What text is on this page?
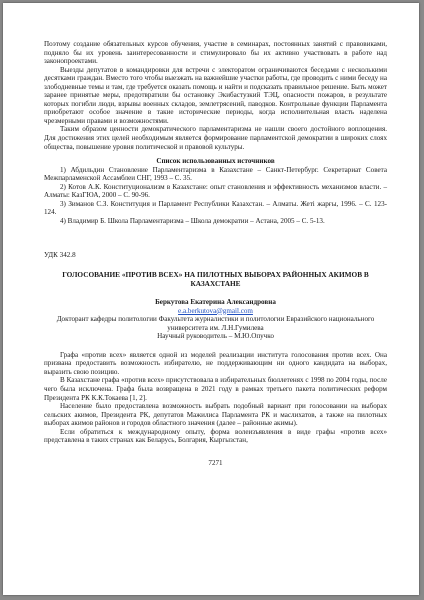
Поэтому создание обязательных курсов обучения, участие в семинарах, постоянных занятий с правовиками, подняло бы их уровень заинтересованности и стимулировало бы их активно участвовать в работе над законопроектами.

Выезды депутатов в командировки для встречи с электоратом ограничиваются беседами с несколькими десятками граждан. Вместо того чтобы выезжать на важнейшие участки работы, где проводить с ними беседу на злободневные темы и там, где требуется оказать помощь и найти и подсказать правильное решение. Быть может заранее принятые меры, предотвратили бы остановку Экибастузкий ТЭЦ, опасности пожаров, в результате которых погибли люди, взрывы военных складов, землетрясений, паводков. Контрольные функции Парламента приобретают особое значение в такие исторические периоды, когда исполнительная власть наделена чрезмерными правами и возможностями.

Таким образом ценности демократического парламентаризма не нашли своего достойного воплощения. Для достижения этих целей необходимым является формирование парламентской демократии в широких слоях общества, повышение уровня политической и правовой культуры.

Список использованных источников

1) Абдильдин Становление Парламентаризма в Казахстане – Санкт-Петербург. Секретариат Совета Межпарламенской Ассамблеи СНГ, 1993 – С. 35.

2) Котов А.К. Конституционализм в Казахстане: опыт становления и эффективность механизмов власти. – Алматы: КазГЮА, 2000 – С. 90-96.

3) Зиманов С.З. Конституция и Парламент Республики Казахстан. – Алматы. Жеті жарғы, 1996. – С. 123-124.

4) Владимир Б. Школа Парламентаризма – Школа демократии – Астана, 2005 – С. 5-13.

УДК 342.8

ГОЛОСОВАНИЕ «ПРОТИВ ВСЕХ» НА ПИЛОТНЫХ ВЫБОРАХ РАЙОННЫХ АКИМОВ В КАЗАХСТАНЕ

Беркутова Екатерина Александровна

e.a.berkutova@gmail.com

Докторант кафедры политологии Факультета журналистики и политологии Евразийского национального университета им. Л.Н.Гумилева

Научный руководитель – М.Ю.Опучко

Графа «против всех» является одной из моделей реализации института голосования против всех. Она призвана предоставить возможность избирателю, не поддерживающим ни одного кандидата на выборах, выразить свою позицию.

В Казахстане графа «против всех» присутствовала в избирательных бюллетенях с 1998 по 2004 годы, после чего была исключена. Графа была возвращена в 2021 году в рамках третьего пакета политических реформ Президента РК К.К.Токаева [1, 2].

Население было предоставлена возможность выбрать подобный вариант при голосовании на выборах сельских акимов, Президента РК, депутатов Мажилиса Парламента РК и маслихатов, а также на пилотных выборах акимов районов и городов областного значения (далее – районные акимы).

Если обратиться к международному опыту, форма волеизъявления в виде графы «против всех» представлена в таких странах как Беларусь, Болгария, Кыргызстан,

7271
